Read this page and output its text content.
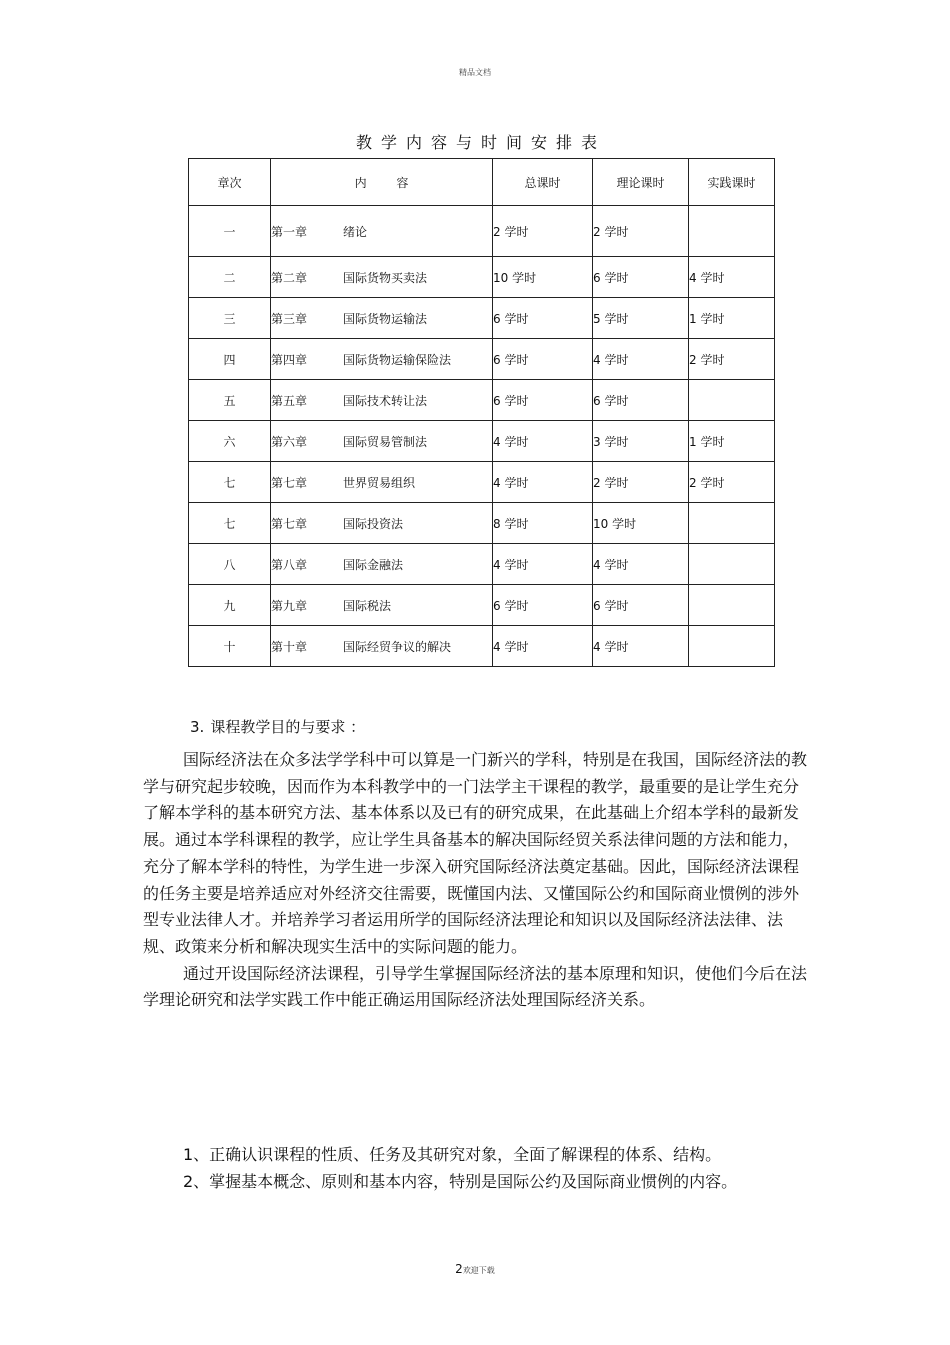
精品文档
教学内容与时间安排表
章次	内 容	总课时	理论课时	实践课时
一	第一章 绪论	2 学时	2 学时	
二	第二章 国际货物买卖法	10 学时	6 学时	4 学时
三	第三章 国际货物运输法	6 学时	5 学时	1 学时
四	第四章 国际货物运输保险法	6 学时	4 学时	2 学时
五	第五章 国际技术转让法	6 学时	6 学时	
六	第六章 国际贸易管制法	4 学时	3 学时	1 学时
七	第七章 世界贸易组织	4 学时	2 学时	2 学时
七	第七章 国际投资法	8 学时	10 学时	
八	第八章 国际金融法	4 学时	4 学时	
九	第九章 国际税法	6 学时	6 学时	
十	第十章 国际经贸争议的解决	4 学时	4 学时	
3. 课程教学目的与要求 ：

国际经济法在众多法学学科中可以算是一门新兴的学科，特别是在我国，国际经济法的教学与研究起步较晚，因而作为本科教学中的一门法学主干课程的教学，最重要的是让学生充分了解本学科的基本研究方法、基本体系以及已有的研究成果，在此基础上介绍本学科的最新发展。通过本学科课程的教学，应让学生具备基本的解决国际经贸关系法律问题的方法和能力，充分了解本学科的特性，为学生进一步深入研究国际经济法奠定基础。因此，国际经济法课程的任务主要是培养适应对外经济交往需要，既懂国内法、又懂国际公约和国际商业惯例的涉外型专业法律人才。并培养学习者运用所学的国际经济法理论和知识以及国际经济法法律、法规、政策来分析和解决现实生活中的实际问题的能力。

通过开设国际经济法课程，引导学生掌握国际经济法的基本原理和知识，使他们今后在法学理论研究和法学实践工作中能正确运用国际经济法处理国际经济关系。

1、正确认识课程的性质、任务及其研究对象，全面了解课程的体系、结构。

2、掌握基本概念、原则和基本内容，特别是国际公约及国际商业惯例的内容。

2欢迎下载
